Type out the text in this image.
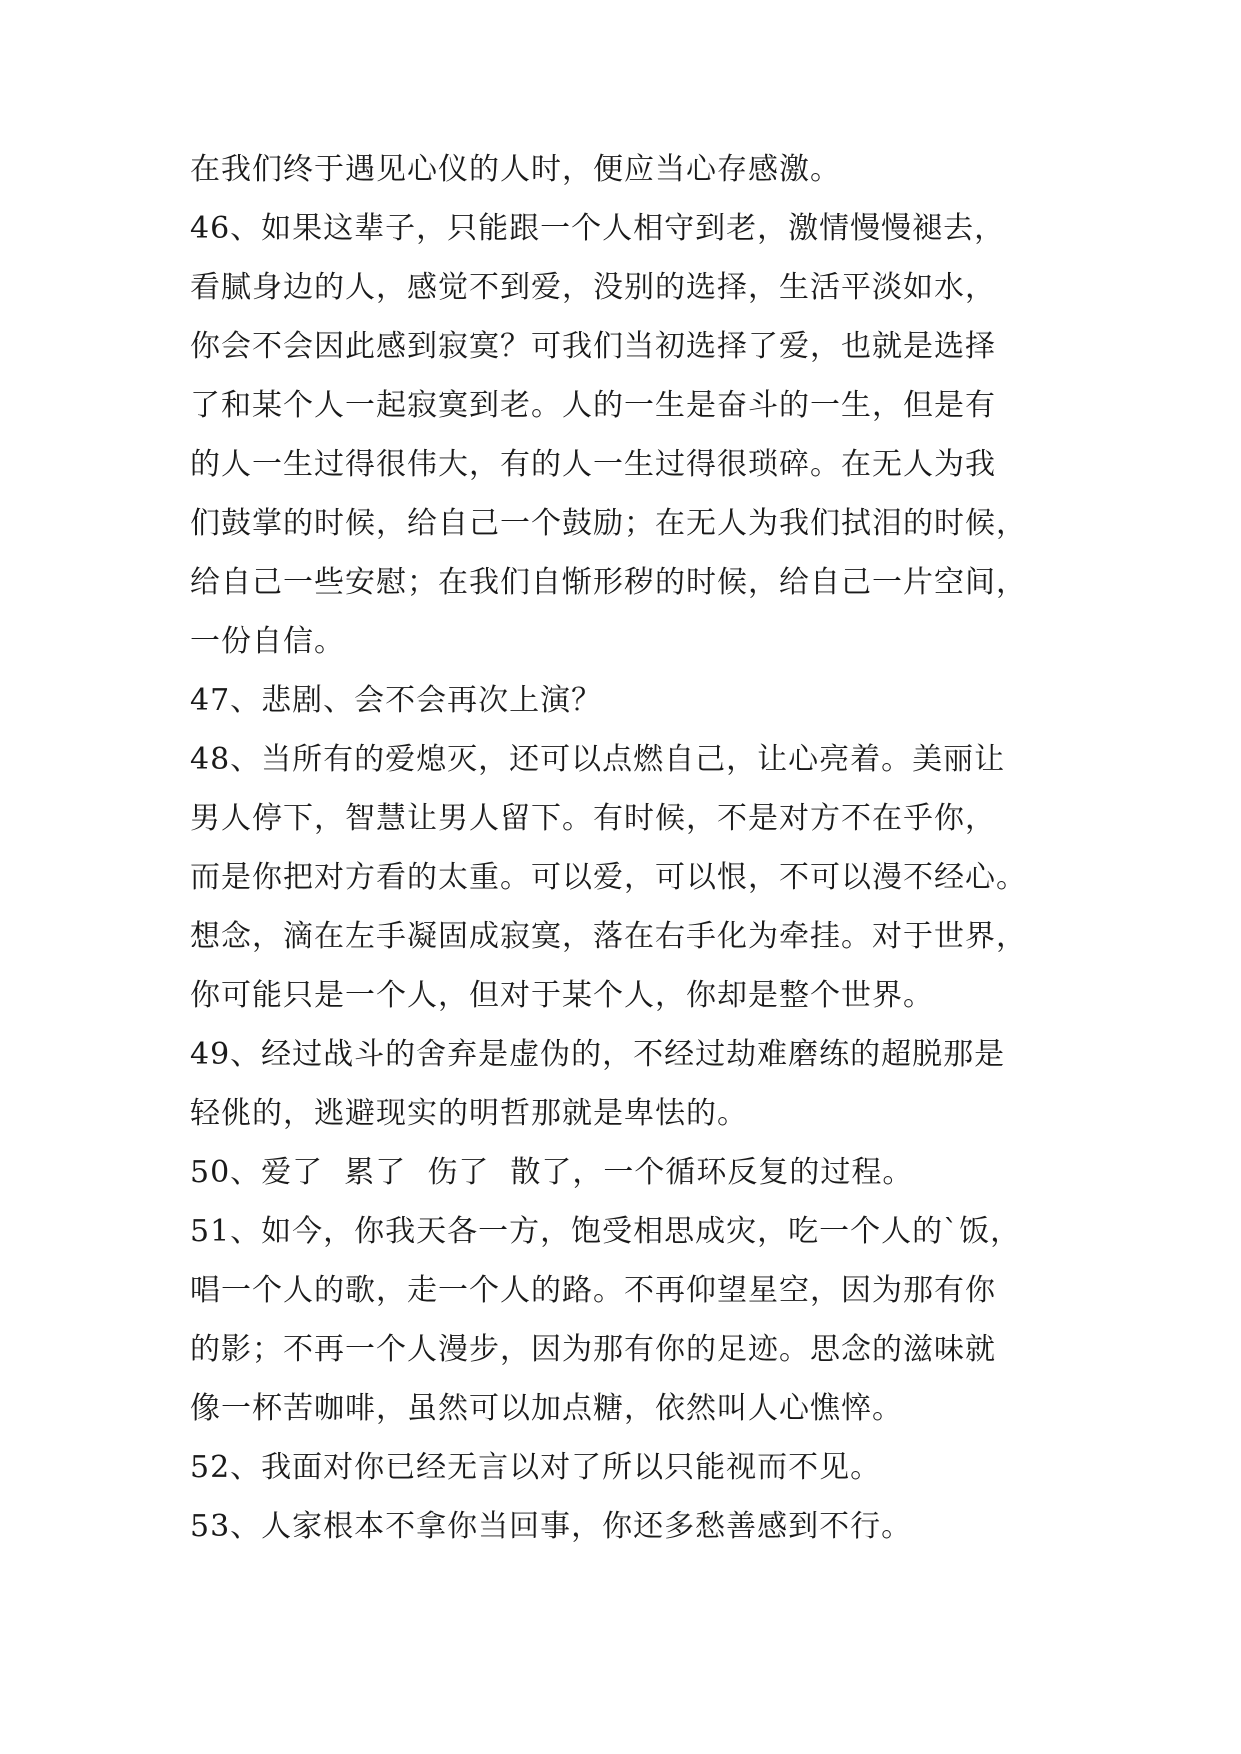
在我们终于遇见心仪的人时，便应当心存感激。
46、如果这辈子，只能跟一个人相守到老，激情慢慢褪去，
看腻身边的人，感觉不到爱，没别的选择，生活平淡如水，
你会不会因此感到寂寞？可我们当初选择了爱，也就是选择
了和某个人一起寂寞到老。人的一生是奋斗的一生，但是有
的人一生过得很伟大，有的人一生过得很琐碎。在无人为我
们鼓掌的时候，给自己一个鼓励；在无人为我们拭泪的时候，
给自己一些安慰；在我们自惭形秽的时候，给自己一片空间，
一份自信。
47、悲剧、会不会再次上演？
48、当所有的爱熄灭，还可以点燃自己，让心亮着。美丽让
男人停下，智慧让男人留下。有时候，不是对方不在乎你，
而是你把对方看的太重。可以爱，可以恨，不可以漫不经心。
想念，滴在左手凝固成寂寞，落在右手化为牵挂。对于世界，
你可能只是一个人，但对于某个人，你却是整个世界。
49、经过战斗的舍弃是虚伪的，不经过劫难磨练的超脱那是
轻佻的，逃避现实的明哲那就是卑怯的。
50、爱了  累了  伤了  散了，一个循环反复的过程。
51、如今，你我天各一方，饱受相思成灾，吃一个人的`饭，
唱一个人的歌，走一个人的路。不再仰望星空，因为那有你
的影；不再一个人漫步，因为那有你的足迹。思念的滋味就
像一杯苦咖啡，虽然可以加点糖，依然叫人心憔悴。
52、我面对你已经无言以对了所以只能视而不见。
53、人家根本不拿你当回事，你还多愁善感到不行。
